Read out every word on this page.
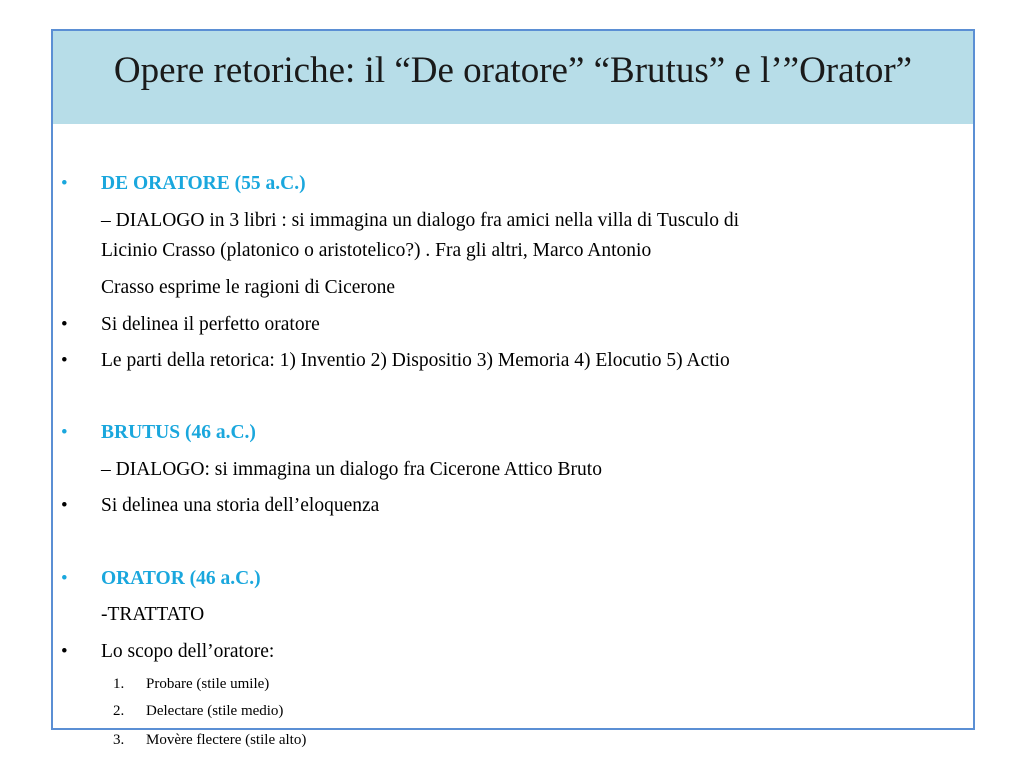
Opere retoriche: il “De oratore” “Brutus” e l’”Orator”
• DE ORATORE (55 a.C.)
– DIALOGO in 3 libri : si immagina un dialogo fra amici nella villa di Tusculo di
Licinio Crasso (platonico o aristotelico?) . Fra gli altri, Marco Antonio
Crasso esprime le ragioni di Cicerone
• Si delinea il perfetto oratore
• Le parti della retorica: 1) Inventio 2) Dispositio 3) Memoria 4) Elocutio 5) Actio
• BRUTUS (46 a.C.)
– DIALOGO: si immagina un dialogo fra Cicerone Attico Bruto
• Si delinea una storia dell’eloquenza
• ORATOR (46 a.C.)
-TRATTATO
• Lo scopo dell’oratore:
1. Probare (stile umile)
2. Delectare (stile medio)
3. Movère flectere (stile alto)
